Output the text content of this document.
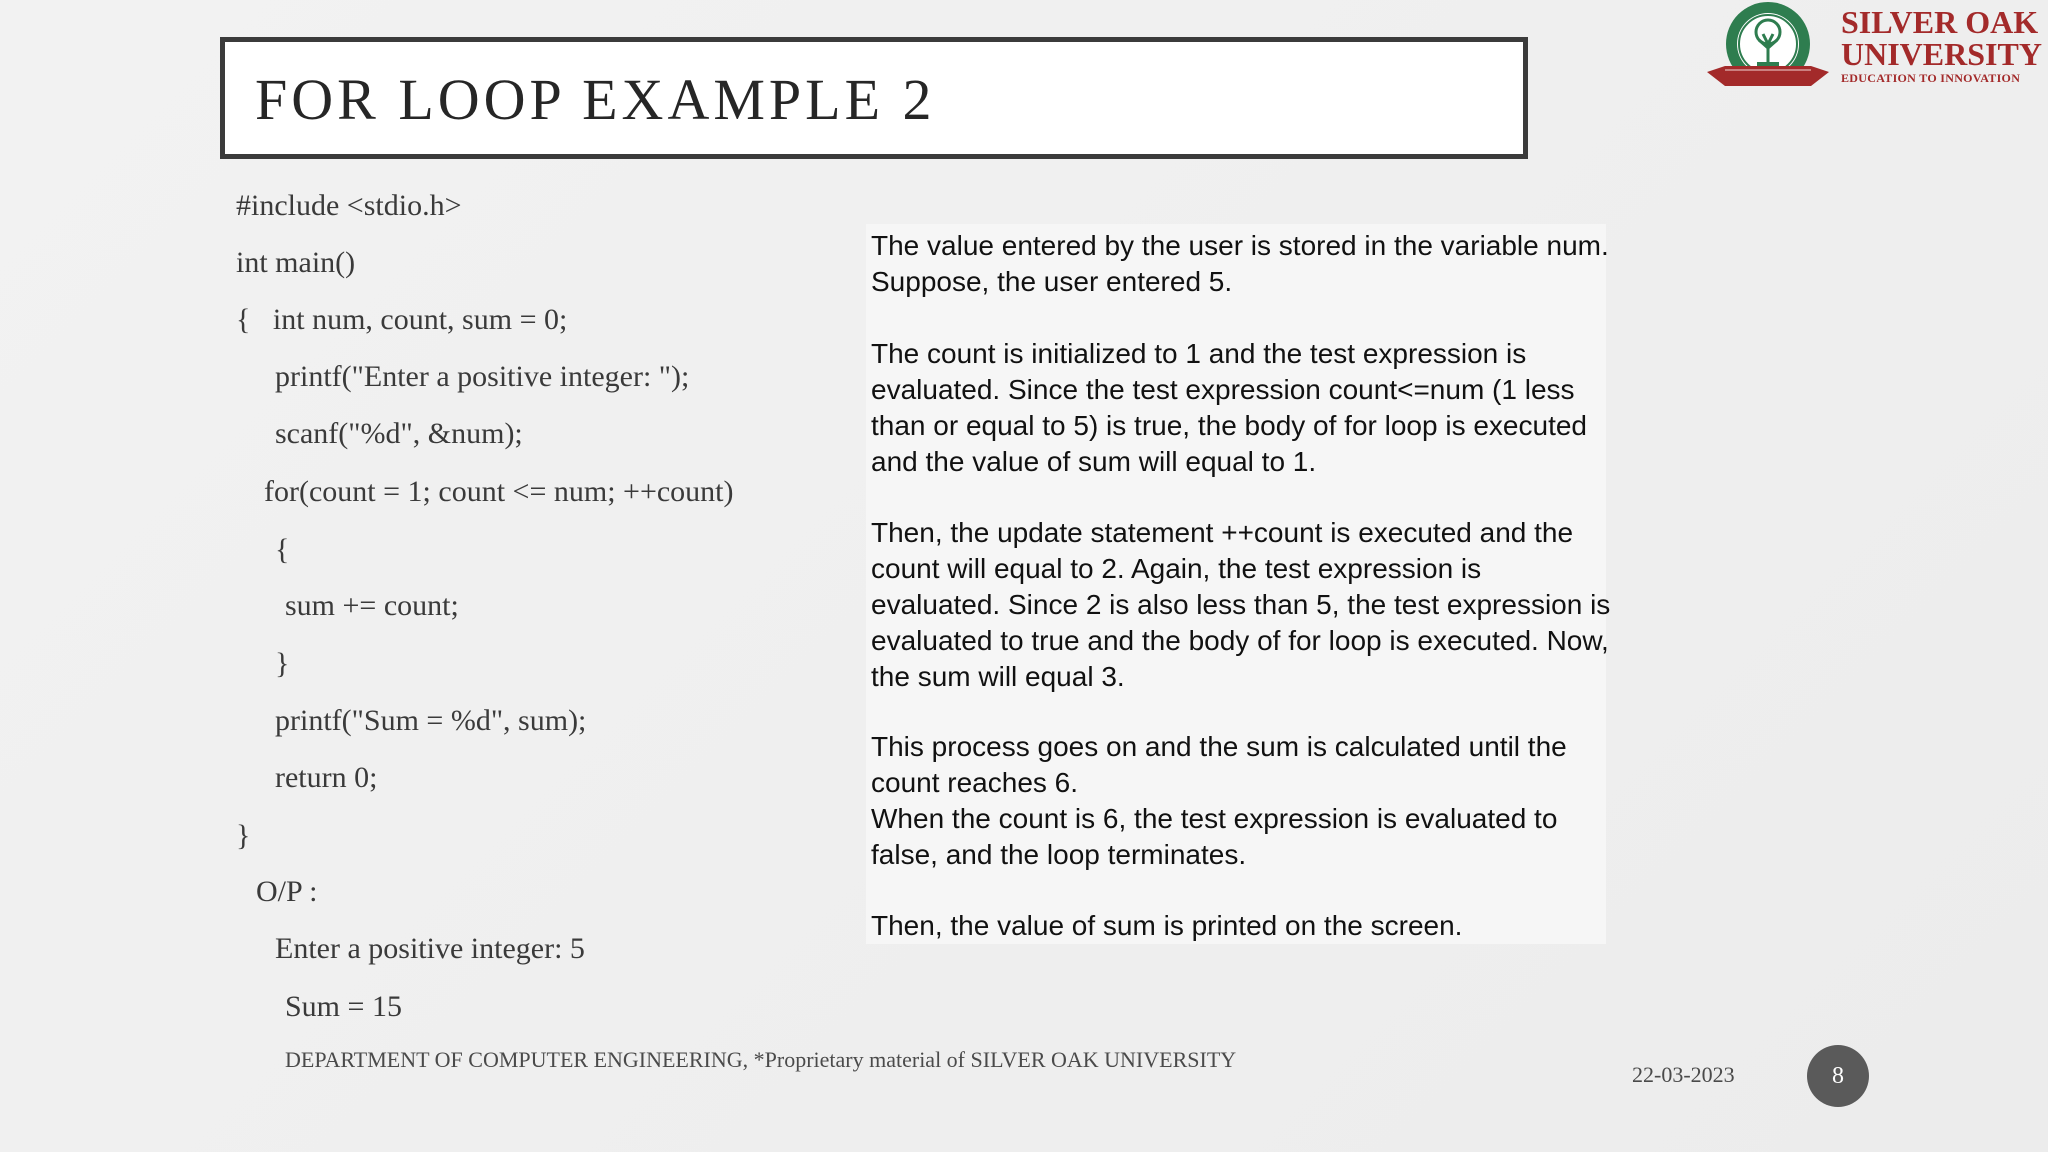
FOR LOOP EXAMPLE 2
SILVER OAK
UNIVERSITY
EDUCATION TO INNOVATION
#include <stdio.h>
int main()
{   int num, count, sum = 0;
printf("Enter a positive integer: ");
scanf("%d", &num);
for(count = 1; count <= num; ++count)
{
sum += count;
}
printf("Sum = %d", sum);
return 0;
}
O/P :
Enter a positive integer: 5
Sum = 15

The value entered by the user is stored in the variable num. Suppose, the user entered 5.

The count is initialized to 1 and the test expression is evaluated. Since the test expression count<=num (1 less than or equal to 5) is true, the body of for loop is executed and the value of sum will equal to 1.

Then, the update statement ++count is executed and the count will equal to 2. Again, the test expression is evaluated. Since 2 is also less than 5, the test expression is evaluated to true and the body of for loop is executed. Now, the sum will equal 3.

This process goes on and the sum is calculated until the count reaches 6.

When the count is 6, the test expression is evaluated to false, and the loop terminates.

Then, the value of sum is printed on the screen.

DEPARTMENT OF COMPUTER ENGINEERING, *Proprietary material of SILVER OAK UNIVERSITY
22-03-2023	8
